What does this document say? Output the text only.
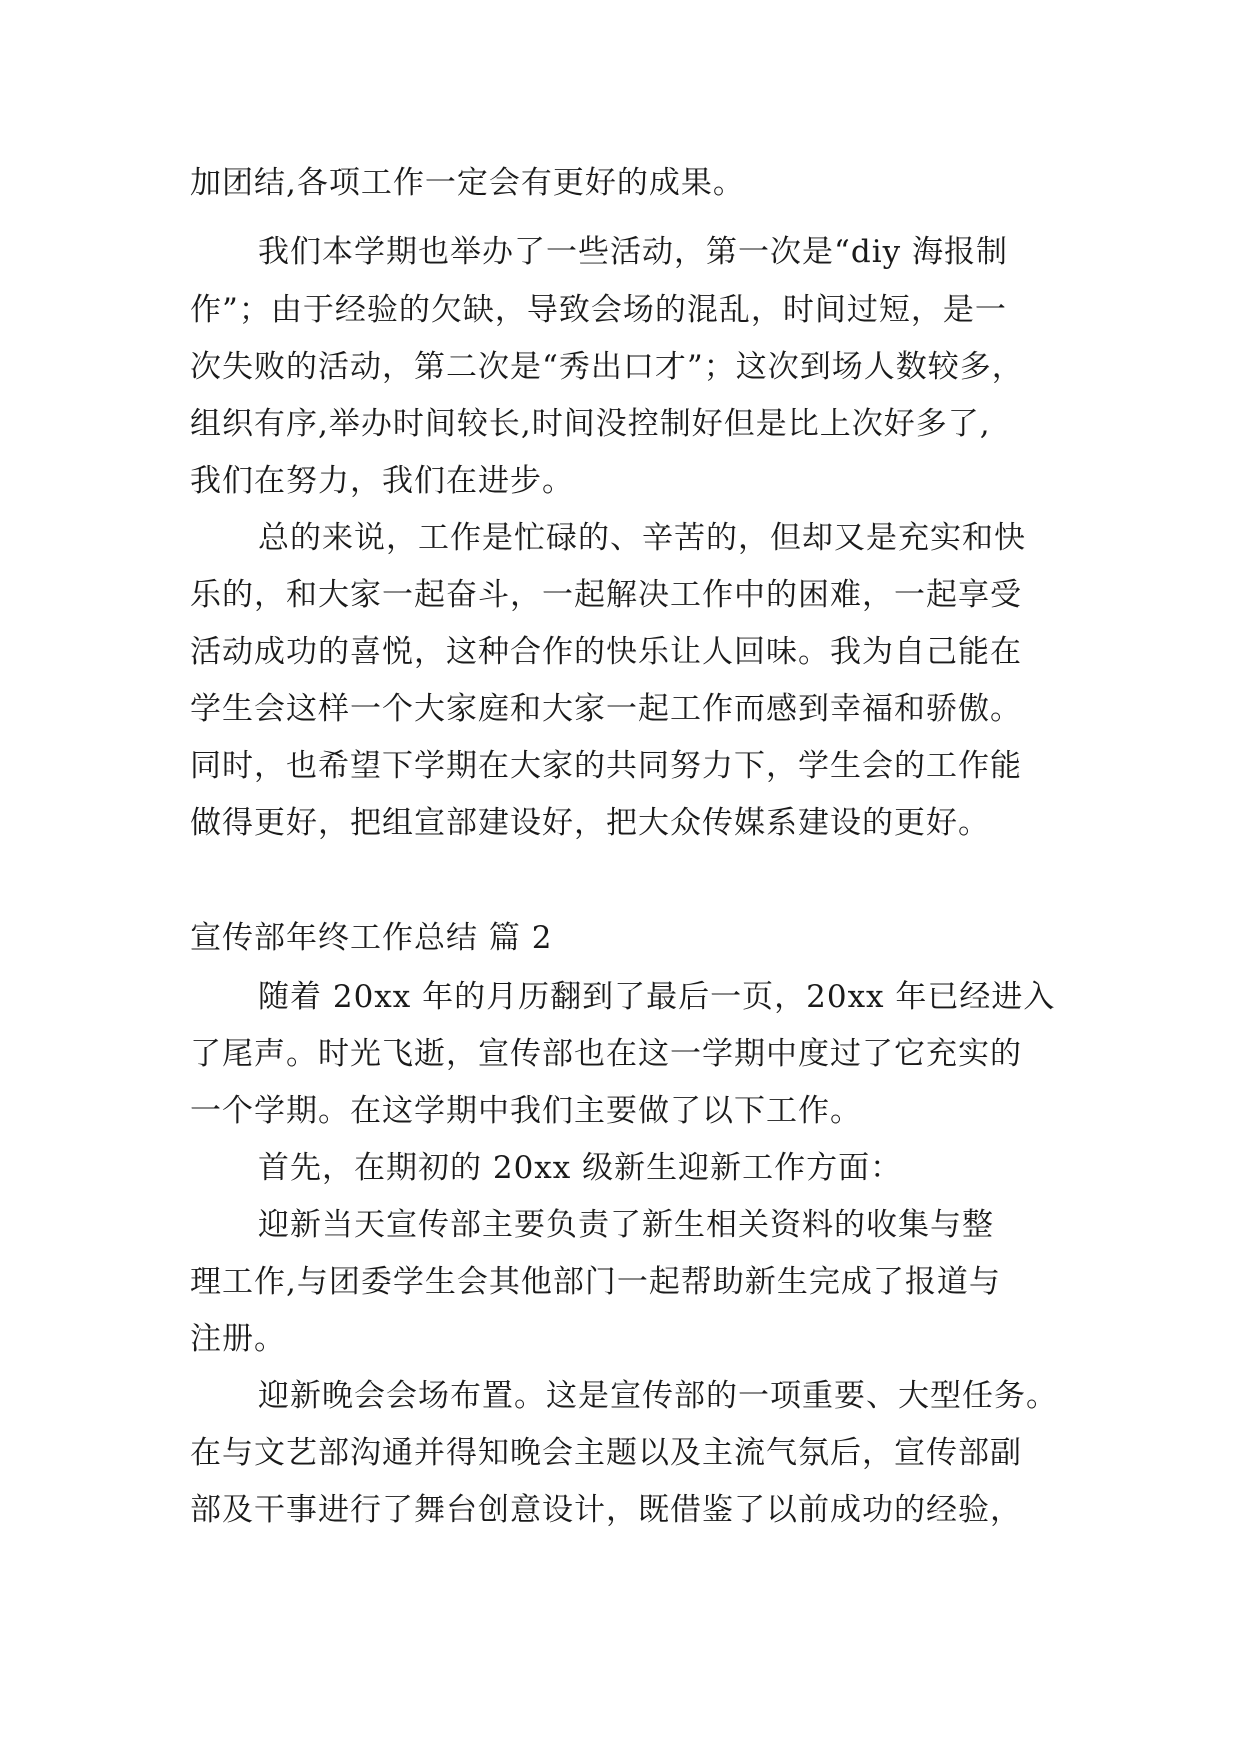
加团结,各项工作一定会有更好的成果。
我们本学期也举办了一些活动，第一次是“diy 海报制
作”；由于经验的欠缺，导致会场的混乱，时间过短，是一
次失败的活动，第二次是“秀出口才”；这次到场人数较多，
组织有序,举办时间较长,时间没控制好但是比上次好多了,
我们在努力，我们在进步。
总的来说，工作是忙碌的、辛苦的，但却又是充实和快
乐的，和大家一起奋斗，一起解决工作中的困难，一起享受
活动成功的喜悦，这种合作的快乐让人回味。我为自己能在
学生会这样一个大家庭和大家一起工作而感到幸福和骄傲。
同时，也希望下学期在大家的共同努力下，学生会的工作能
做得更好，把组宣部建设好，把大众传媒系建设的更好。
宣传部年终工作总结 篇 2
随着 20xx 年的月历翻到了最后一页，20xx 年已经进入
了尾声。时光飞逝，宣传部也在这一学期中度过了它充实的
一个学期。在这学期中我们主要做了以下工作。
首先，在期初的 20xx 级新生迎新工作方面：
迎新当天宣传部主要负责了新生相关资料的收集与整
理工作,与团委学生会其他部门一起帮助新生完成了报道与
注册。
迎新晚会会场布置。这是宣传部的一项重要、大型任务。
在与文艺部沟通并得知晚会主题以及主流气氛后，宣传部副
部及干事进行了舞台创意设计，既借鉴了以前成功的经验，
